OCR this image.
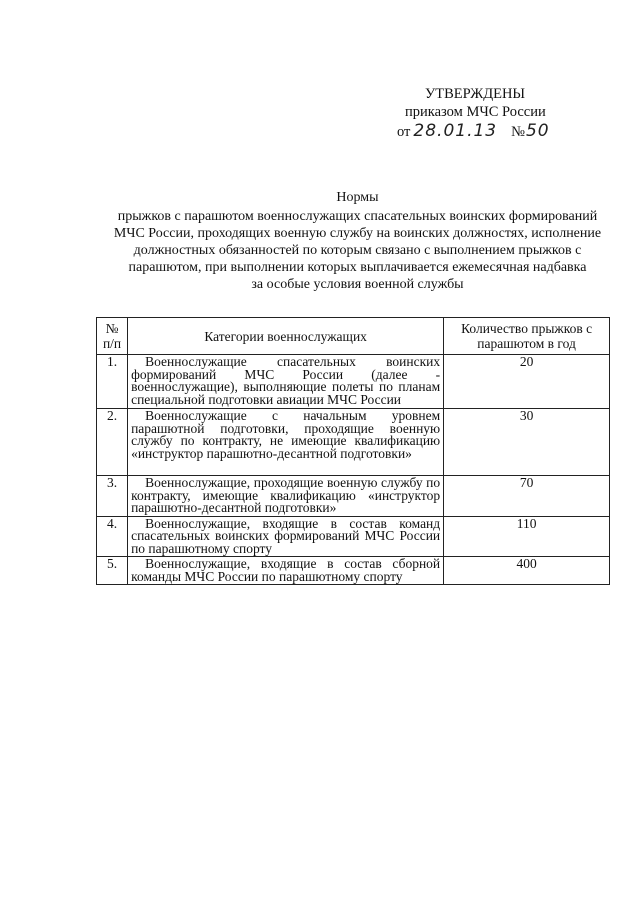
УТВЕРЖДЕНЫ
приказом МЧС России
от 28.01.13 №50
Нормы
прыжков с парашютом военнослужащих спасательных воинских формирований
МЧС России, проходящих военную службу на воинских должностях, исполнение
должностных обязанностей по которым связано с выполнением прыжков с
парашютом, при выполнении которых выплачивается ежемесячная надбавка
за особые условия военной службы
№ п/п	Категории военнослужащих	Количество прыжков с парашютом в год
1.	Военнослужащие спасательных воинских формирований МЧС России (далее - военнослужащие), выполняющие полеты по планам специальной подготовки авиации МЧС России	20
2.	Военнослужащие с начальным уровнем парашютной подготовки, проходящие военную службу по контракту, не имеющие квалификацию «инструктор парашютно-десантной подготовки»	30
3.	Военнослужащие, проходящие военную службу по контракту, имеющие квалификацию «инструктор парашютно-десантной подготовки»	70
4.	Военнослужащие, входящие в состав команд спасательных воинских формирований МЧС России по парашютному спорту	110
5.	Военнослужащие, входящие в состав сборной команды МЧС России по парашютному спорту	400
